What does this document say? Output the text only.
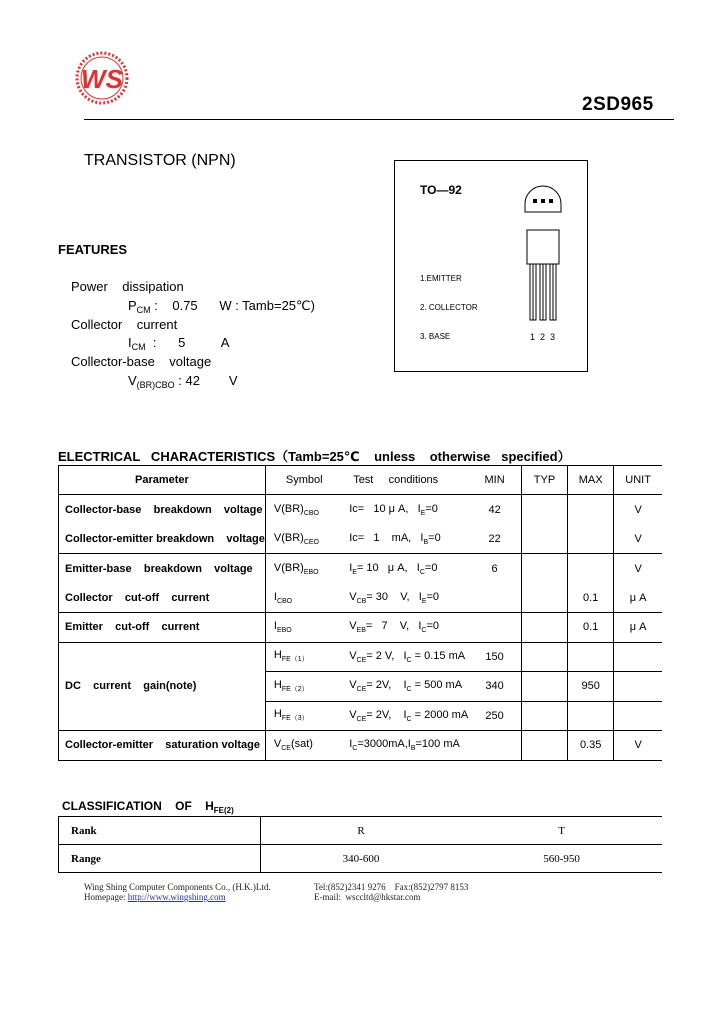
WS
2SD965
TRANSISTOR (NPN)
FEATURES
Power    dissipation
$P_{CM}$ :    0.75      W : Tamb=25℃)
Collector    current
$I_{CM}$  :      5          A
Collector-base    voltage
$V_{(BR)CBO}$ : 42        V
TO—92
1.EMITTER
2. COLLECTOR
3. BASE	1  2  3
ELECTRICAL   CHARACTERISTICS（Tamb=25℃    unless    otherwise   specified）
Parameter	Symbol	Test     conditions	MIN	TYP	MAX	UNIT
Collector-base    breakdown    voltage	$V(BR)_{CBO}$	Ic=   10 μ A,   $I_E=0$	42			V
Collector-emitter breakdown    voltage	$V(BR)_{CEO}$	Ic=   1    mA,   $I_B=0$	22			V
Emitter-base    breakdown    voltage	$V(BR)_{EBO}$	$I_E= 10$   μ A,   $I_C=0$	6			V
Collector    cut-off    current	$I_{CBO}$	$V_{CB}= 30$    V,   $I_E=0$			0.1	μ A
Emitter    cut-off    current	$I_{EBO}$	$V_{EB}= 7$    V,   $I_C=0$			0.1	μ A
DC    current    gain(note)	$H_{FE(1)}$	$V_{CE}= 2$ V,   $I_C = 0.15$ mA	150			
	$H_{FE(2)}$	$V_{CE}= 2V$,    $I_C = 500$ mA	340		950	
	$H_{FE(3)}$	$V_{CE}= 2V$,    $I_C = 2000$ mA	250			
Collector-emitter    saturation voltage	$V_{CE}(sat)$	$I_C=3000mA,I_B=100$ mA			0.35	V
CLASSIFICATION    OF    $H_{FE(2)}$
Rank	R	T
Range	340-600	560-950
Wing Shing Computer Components Co., (H.K.)Ltd.
Homepage: http://www.wingshing.com
Tel:(852)2341 9276    Fax:(852)2797 8153
E-mail:  wsccltd@hkstar.com
